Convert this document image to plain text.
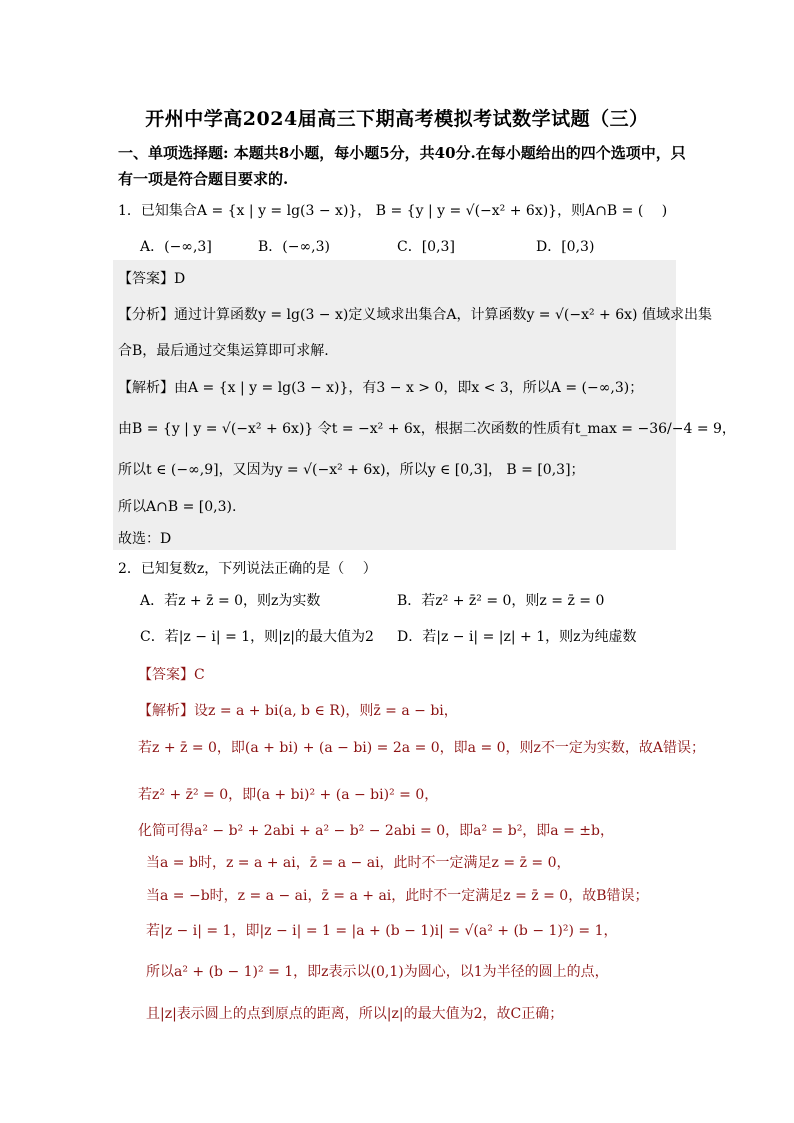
开州中学高2024届高三下期高考模拟考试数学试题（三）
一、单项选择题: 本题共8小题，每小题5分，共40分.在每小题给出的四个选项中，只有一项是符合题目要求的.
1．已知集合A = {x | y = lg(3 − x)}， B = {y | y = √(−x² + 6x)}，则A∩B = (　 )
A．(−∞,3]	B．(−∞,3)	C．[0,3]	D．[0,3)
【答案】D
【分析】通过计算函数y = lg(3 − x)定义域求出集合A，计算函数y = √(−x² + 6x) 值域求出集
合B，最后通过交集运算即可求解.
【解析】由A = {x | y = lg(3 − x)}，有3 − x > 0，即x < 3，所以A = (−∞,3)；
由B = {y | y = √(−x² + 6x)} 令t = −x² + 6x，根据二次函数的性质有t_max = −36/−4 = 9，
所以t ∈ (−∞,9]，又因为y = √(−x² + 6x)，所以y ∈ [0,3]， B = [0,3]；
所以A∩B = [0,3).
故选：D
2．已知复数z，下列说法正确的是（　 ）
A．若z + z̄ = 0，则z为实数	B．若z² + z̄² = 0，则z = z̄ = 0
C．若|z − i| = 1，则|z|的最大值为2 D．若|z − i| = |z| + 1，则z为纯虚数
【答案】C
【解析】设z = a + bi(a, b ∈ R)，则z̄ = a − bi，
若z + z̄ = 0，即(a + bi) + (a − bi) = 2a = 0，即a = 0，则z不一定为实数，故A错误；
若z² + z̄² = 0，即(a + bi)² + (a − bi)² = 0，
化简可得a² − b² + 2abi + a² − b² − 2abi = 0，即a² = b²，即a = ±b，
当a = b时，z = a + ai，z̄ = a − ai，此时不一定满足z = z̄ = 0，
当a = −b时，z = a − ai，z̄ = a + ai，此时不一定满足z = z̄ = 0，故B错误；
若|z − i| = 1，即|z − i| = 1 = |a + (b − 1)i| = √(a² + (b − 1)²) = 1，
所以a² + (b − 1)² = 1，即z表示以(0,1)为圆心，以1为半径的圆上的点，
且|z|表示圆上的点到原点的距离，所以|z|的最大值为2，故C正确；
